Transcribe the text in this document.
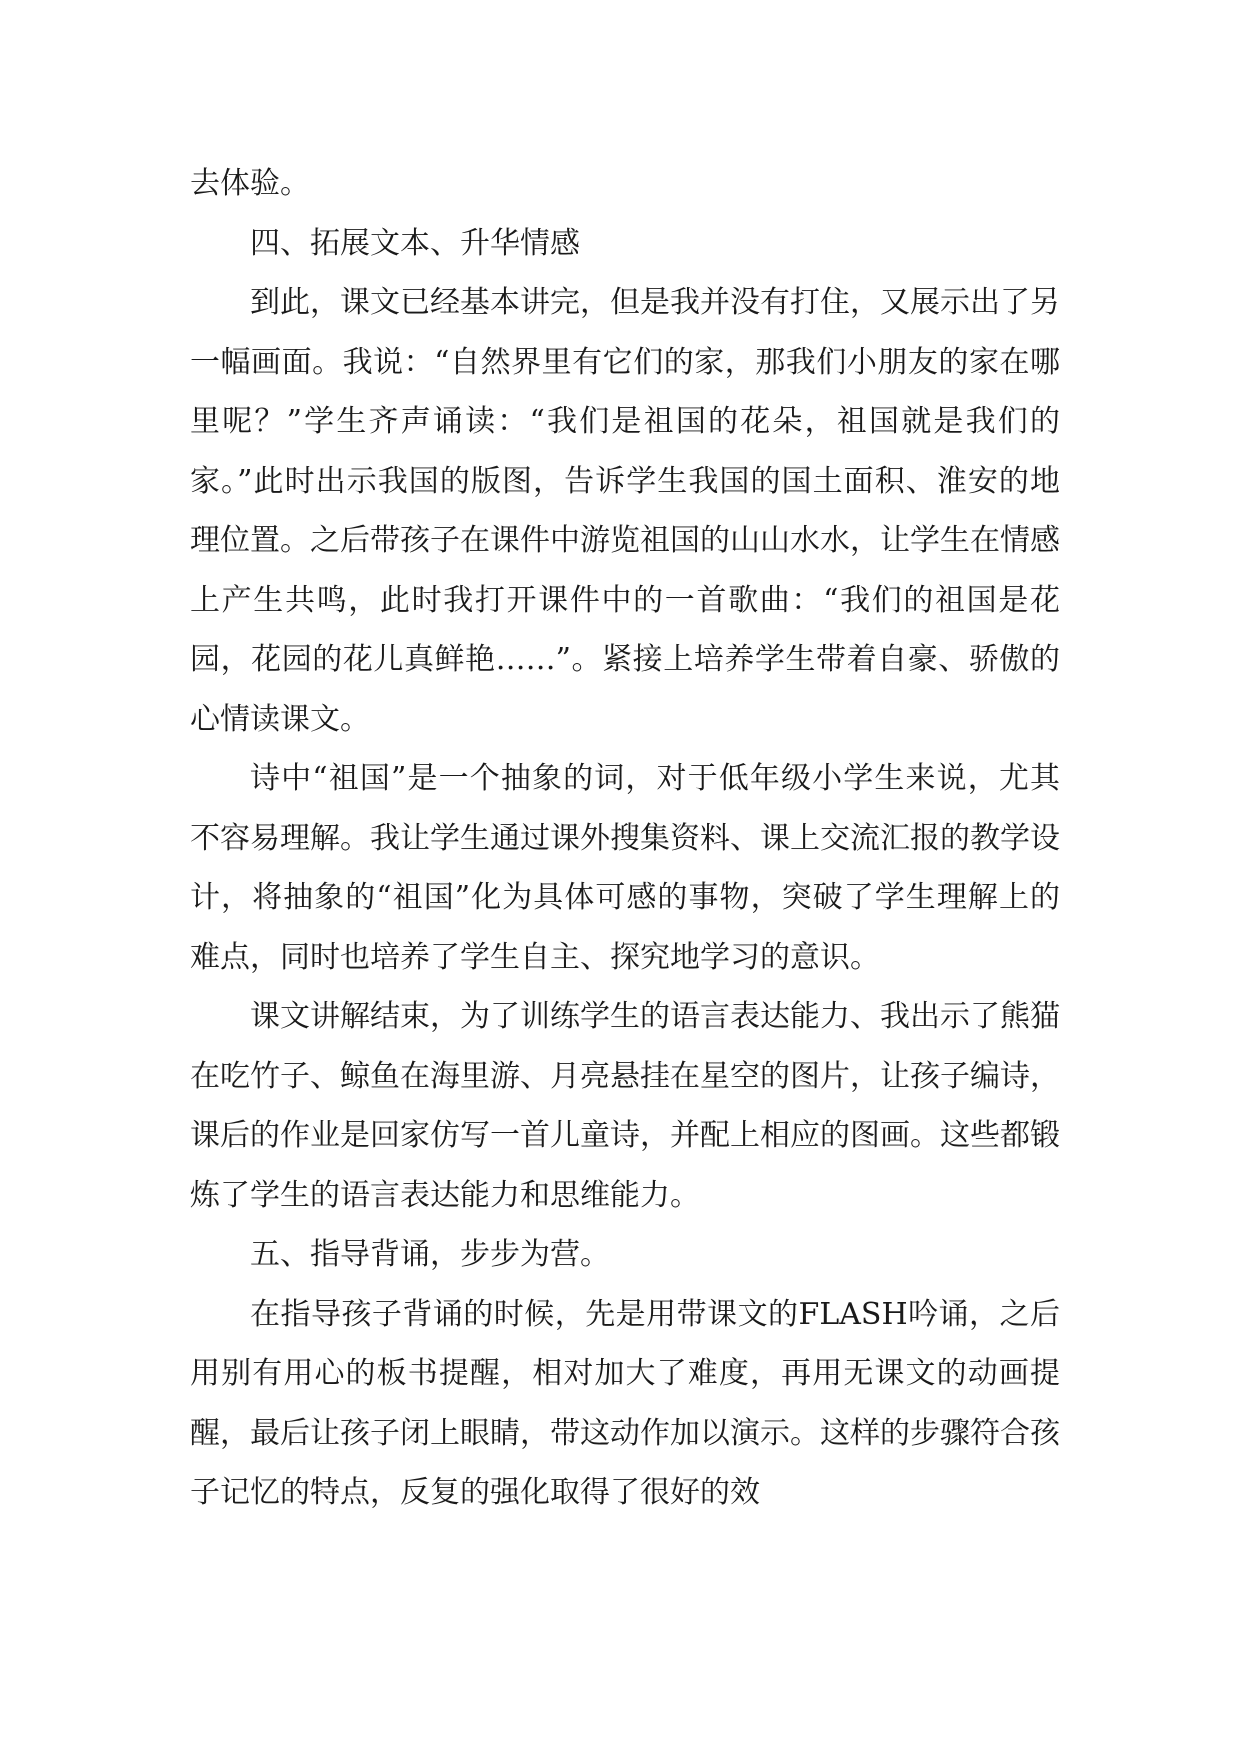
去体验。

四、拓展文本、升华情感

到此，课文已经基本讲完，但是我并没有打住，又展示出了另一幅画面。我说：“自然界里有它们的家，那我们小朋友的家在哪里呢？”学生齐声诵读：“我们是祖国的花朵，祖国就是我们的家。”此时出示我国的版图，告诉学生我国的国土面积、淮安的地理位置。之后带孩子在课件中游览祖国的山山水水，让学生在情感上产生共鸣，此时我打开课件中的一首歌曲：“我们的祖国是花园，花园的花儿真鲜艳……”。紧接上培养学生带着自豪、骄傲的心情读课文。

诗中“祖国”是一个抽象的词，对于低年级小学生来说，尤其不容易理解。我让学生通过课外搜集资料、课上交流汇报的教学设计，将抽象的“祖国”化为具体可感的事物，突破了学生理解上的难点，同时也培养了学生自主、探究地学习的意识。

课文讲解结束，为了训练学生的语言表达能力、我出示了熊猫在吃竹子、鲸鱼在海里游、月亮悬挂在星空的图片，让孩子编诗，课后的作业是回家仿写一首儿童诗，并配上相应的图画。这些都锻炼了学生的语言表达能力和思维能力。

五、指导背诵，步步为营。

在指导孩子背诵的时候，先是用带课文的FLASH吟诵，之后用别有用心的板书提醒，相对加大了难度，再用无课文的动画提醒，最后让孩子闭上眼睛，带这动作加以演示。这样的步骤符合孩子记忆的特点，反复的强化取得了很好的效
